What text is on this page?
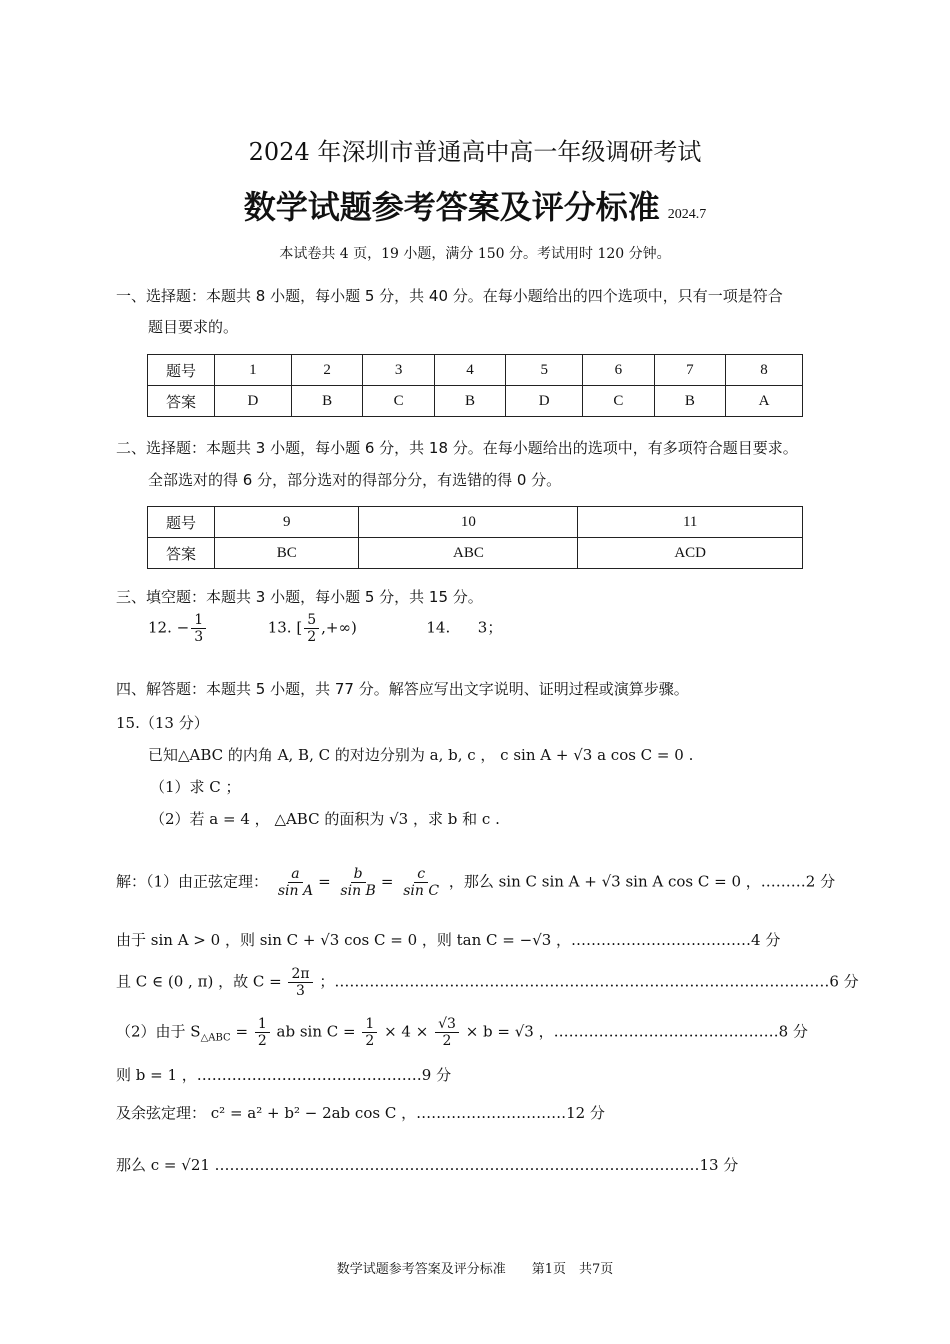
2024 年深圳市普通高中高一年级调研考试
数学试题参考答案及评分标准 2024.7
本试卷共 4 页，19 小题，满分 150 分。考试用时 120 分钟。
一、选择题：本题共 8 小题，每小题 5 分，共 40 分。在每小题给出的四个选项中，只有一项是符合
题目要求的。
题号	1	2	3	4	5	6	7	8
答案	D	B	C	B	D	C	B	A
二、选择题：本题共 3 小题，每小题 6 分，共 18 分。在每小题给出的选项中，有多项符合题目要求。
全部选对的得 6 分，部分选对的得部分分，有选错的得 0 分。
题号	9	10	11
答案	BC	ABC	ACD
三、填空题：本题共 3 小题，每小题 5 分，共 15 分。
12. − $\frac{1}{3}$	13. [ $\frac{5}{2}$ ,+∞)	14. 3；
四、解答题：本题共 5 小题，共 77 分。解答应写出文字说明、证明过程或演算步骤。
15.（13 分）
已知△ABC 的内角 A, B, C 的对边分别为 a, b, c ， c sin A + √3 a cos C = 0 .
（1）求 C ；
（2）若 a = 4 ， △ABC 的面积为 √3 ，求 b 和 c .
解：（1）由正弦定理： $\frac{a}{\text{sin A}} = \frac{b}{\text{sin B}} = \frac{c}{\text{sin C}}$ ，那么 sin C sin A + √3 sin A cos C = 0 ，………2 分
由于 sin A > 0 ，则 sin C + √3 cos C = 0 ，则 tan C = −√3 ，………………………………4 分
且 C ∈ (0 , π) ，故 $C = \frac{2\pi}{3}$ ；………………………………………………………………………………………6 分
（2）由于 $S_{\triangle ABC} = \frac{1}{2}$ ab $\sin C = \frac{1}{2} \times 4 \times \frac{√3}{2} \times b = √3$ ，………………………………………8 分
则 b = 1 ，………………………………………9 分
及余弦定理： c² = a² + b² − 2ab cos C ，…………………………12 分
那么 c = √21 .……………………………………………………………………………………13 分
数学试题参考答案及评分标准　　第1页　共7页
